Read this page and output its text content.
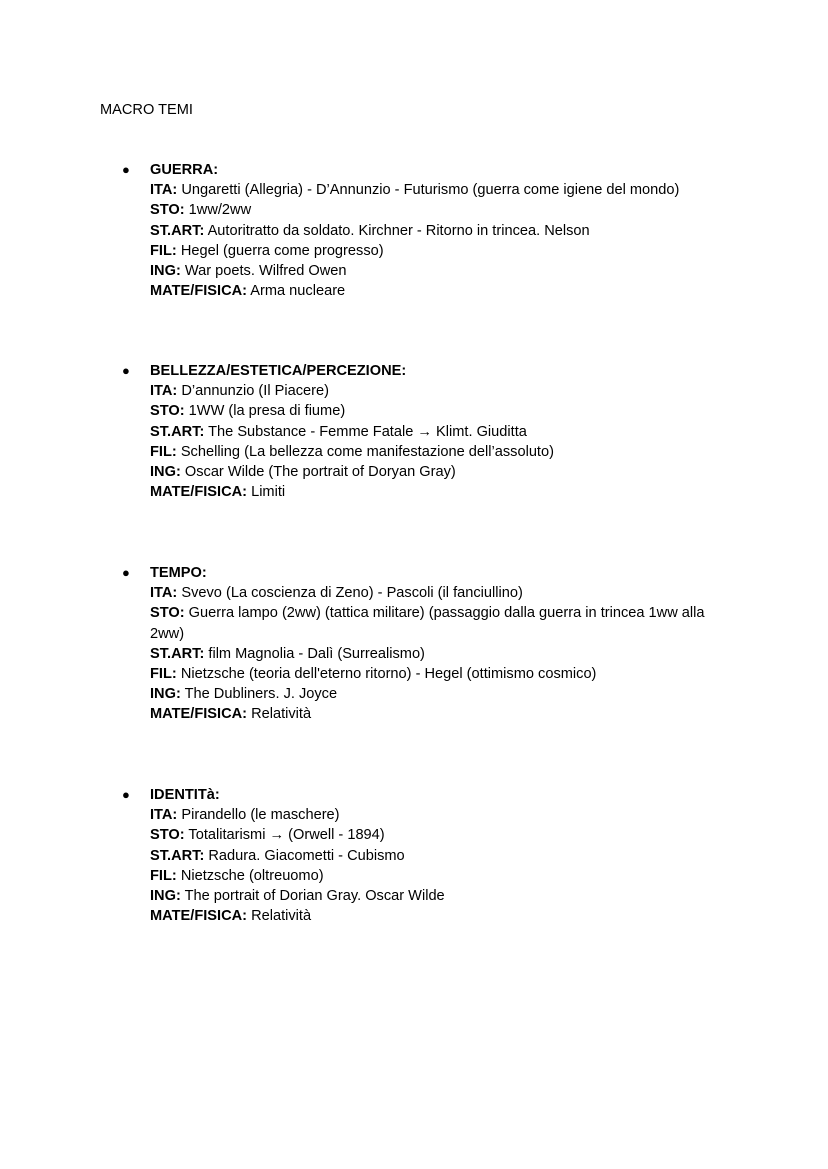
MACRO TEMI
● GUERRA:
ITA: Ungaretti (Allegria) - D’Annunzio - Futurismo (guerra come igiene del mondo)
STO: 1ww/2ww
ST.ART: Autoritratto da soldato. Kirchner - Ritorno in trincea. Nelson
FIL: Hegel (guerra come progresso)
ING: War poets. Wilfred Owen
MATE/FISICA: Arma nucleare
● BELLEZZA/ESTETICA/PERCEZIONE:
ITA: D’annunzio (Il Piacere)
STO: 1WW (la presa di fiume)
ST.ART: The Substance - Femme Fatale → Klimt. Giuditta
FIL: Schelling (La bellezza come manifestazione dell’assoluto)
ING: Oscar Wilde (The portrait of Doryan Gray)
MATE/FISICA: Limiti
● TEMPO:
ITA: Svevo (La coscienza di Zeno) - Pascoli (il fanciullino)
STO: Guerra lampo (2ww) (tattica militare) (passaggio dalla guerra in trincea 1ww alla 2ww)
ST.ART: film Magnolia - Dalì (Surrealismo)
FIL: Nietzsche (teoria dell'eterno ritorno) - Hegel (ottimismo cosmico)
ING: The Dubliners. J. Joyce
MATE/FISICA: Relatività
● IDENTITà:
ITA: Pirandello (le maschere)
STO: Totalitarismi → (Orwell - 1894)
ST.ART: Radura. Giacometti - Cubismo
FIL: Nietzsche (oltreuomo)
ING: The portrait of Dorian Gray. Oscar Wilde
MATE/FISICA: Relatività
